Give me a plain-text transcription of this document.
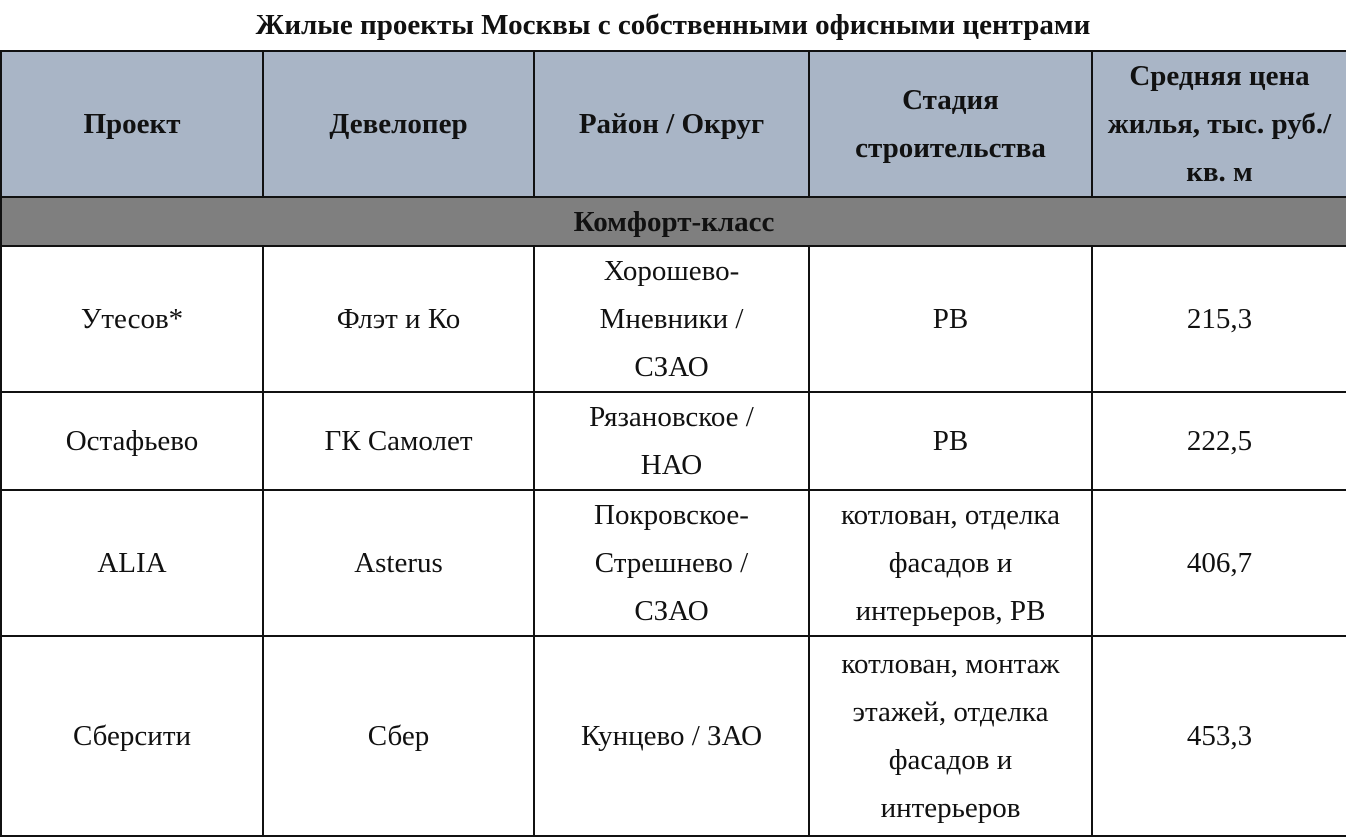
Жилые проекты Москвы с собственными офисными центрами
Проект	Девелопер	Район / Округ	Стадия строительства	Средняя цена жилья, тыс. руб./кв. м
Комфорт-класс				
Утесов*	Флэт и Ко	Хорошево-Мневники / СЗАО	РВ	215,3
Остафьево	ГК Самолет	Рязановское / НАО	РВ	222,5
ALIA	Asterus	Покровское-Стрешнево / СЗАО	котлован, отделка фасадов и интерьеров, РВ	406,7
Сберсити	Сбер	Кунцево / ЗАО	котлован, монтаж этажей, отделка фасадов и интерьеров	453,3
